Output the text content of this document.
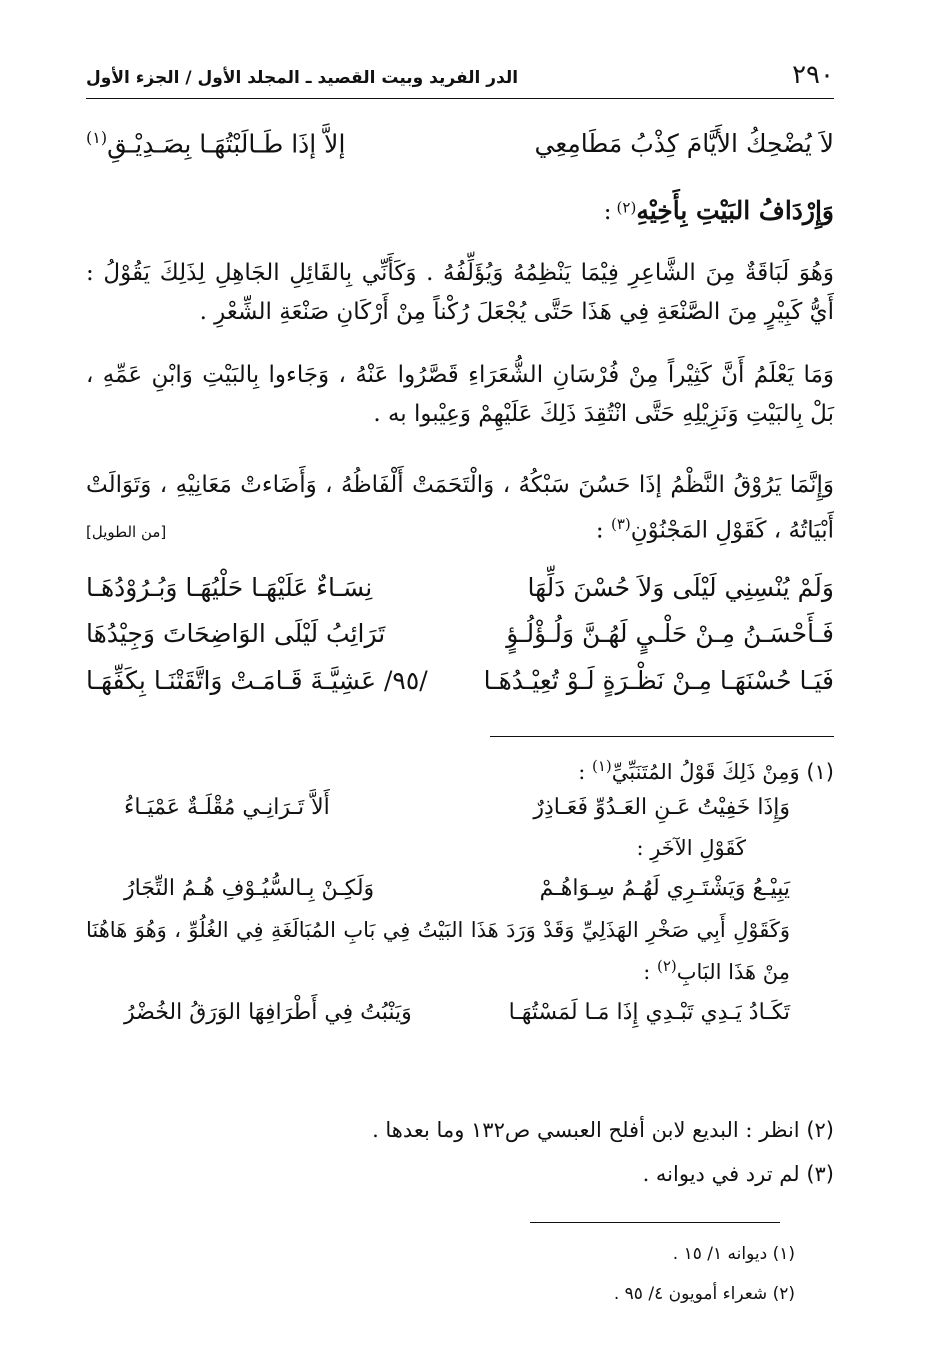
الدر الفريد وبيت القصيد ـ المجلد الأول / الجزء الأول	٢٩٠
لاَ يُضْحِكُ الأَيَّامَ كِذْبُ مَطَامِعِي
إلاَّ إذَا طَـالَبْتُهَـا بِصَـدِيْـقِ$^{(١)}$
وَإِرْدَافُ البَيْتِ بِأَخِيْهِ(٢) :
وَهُوَ لَبَاقَةٌ مِنَ الشَّاعِرِ فِيْمَا يَنْظِمُهُ وَيُؤَلِّفُهُ . وَكَأَنِّي بِالقَائِلِ الجَاهِلِ لِذَلِكَ يَقُوْلُ : أَيُّ كَبِيْرٍ مِنَ الصَّنْعَةِ فِي هَذَا حَتَّى يُجْعَلَ رُكْناً مِنْ أَرْكَانِ صَنْعَةِ الشِّعْرِ .
وَمَا يَعْلَمُ أَنَّ كَثِيْراً مِنْ فُرْسَانِ الشُّعَرَاءِ قَصَّرُوا عَنْهُ ، وَجَاءوا بِالبَيْتِ وَابْنِ عَمِّهِ ، بَلْ بِالبَيْتِ وَنَزِيْلِهِ حَتَّى انْتُقِدَ ذَلِكَ عَلَيْهِمْ وَعِيْبوا به .
وَإِنَّمَا يَرُوْقُ النَّظْمُ إذَا حَسُنَ سَبْكُهُ ، وَالْتَحَمَتْ أَلْفَاظُهُ ، وَأَضَاءتْ مَعَانِيْهِ ، وَتَوَالَتْ أَبْيَاتُهُ ، كَقَوْلِ المَجْنُوْنِ$^{(٣)}$ :
[من الطويل]
وَلَمْ يُنْسِنِي لَيْلَى وَلاَ حُسْنَ دَلِّهَا
نِسَـاءٌ عَلَيْهَـا حَلْيُهَـا وَبُـرُوْدُهَـا
فَـأَحْسَـنُ مِـنْ حَلْـيٍ لَهُـنَّ وَلُـؤْلُـؤٍ
تَرَائِبُ لَيْلَى الوَاضِحَاتَ وَجِيْدُهَا
فَيَـا حُسْنَهَـا مِـنْ نَظْـرَةٍ لَـوْ تُعِيْـدُهَـا
/٩٥/ عَشِيَّـةَ قَـامَـتْ وَاتَّقَتْنَـا بِكَفِّهَـا
(١) وَمِنْ ذَلِكَ قَوْلُ المُتَنَبِّيِّ$^{(١)}$ :
وَإِذَا خَفِيْتُ عَـنِ العَـدُوِّ فَعَـاذِرٌ
أَلاَّ تَـرَانِـي مُقْلَـةٌ عَمْيَـاءُ
كَقَوْلِ الآخَرِ :
يَبِيْـعُ وَيَشْتَـرِي لَهُـمُ سِـوَاهُـمْ
وَلَكِـنْ بِـالسُّيُـوْفِ هُـمُ التِّجَارُ
وَكَقَوْلِ أَبِي صَخْرِ الهَذَلِيِّ وَقَدْ وَرَدَ هَذَا البَيْتُ فِي بَابِ المُبَالَغَةِ فِي الغُلُوِّ ، وَهُوَ هَاهُنَا مِنْ هَذَا البَابِ$^{(٢)}$ :
تَكَـادُ يَـدِي تَبْـدِي إِذَا مَـا لَمَسْتُهَـا
وَيَنْبُتُ فِي أَطْرَافِهَا الوَرَقُ الخُضْرُ
(٢) انظر : البديع لابن أفلح العبسي ص١٣٢ وما بعدها .
(٣) لم ترد في ديوانه .
(١) ديوانه ١/ ١٥ .
(٢) شعراء أمويون ٤/ ٩٥ .
